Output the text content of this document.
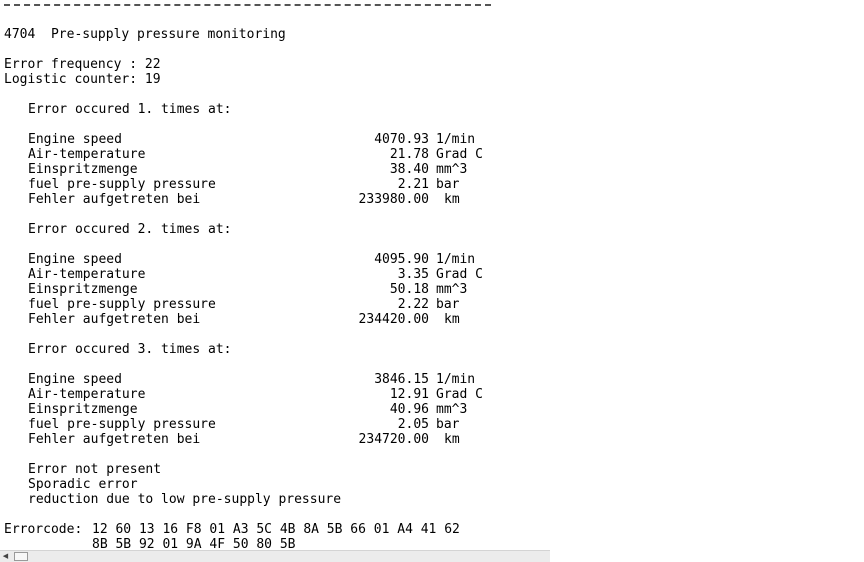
4704  Pre-supply pressure monitoring
Error frequency : 22
Logistic counter: 19
Error occured 1. times at:
Engine speed	4070.93 1/min
Air-temperature	21.78 Grad C
Einspritzmenge	38.40 mm^3
fuel pre-supply pressure	2.21 bar
Fehler aufgetreten bei	233980.00 km
Error occured 2. times at:
Engine speed	4095.90 1/min
Air-temperature	3.35 Grad C
Einspritzmenge	50.18 mm^3
fuel pre-supply pressure	2.22 bar
Fehler aufgetreten bei	234420.00 km
Error occured 3. times at:
Engine speed	3846.15 1/min
Air-temperature	12.91 Grad C
Einspritzmenge	40.96 mm^3
fuel pre-supply pressure	2.05 bar
Fehler aufgetreten bei	234720.00 km
Error not present
Sporadic error
reduction due to low pre-supply pressure
Errorcode: 12 60 13 16 F8 01 A3 5C 4B 8A 5B 66 01 A4 41 62
8B 5B 92 01 9A 4F 50 80 5B
◀
